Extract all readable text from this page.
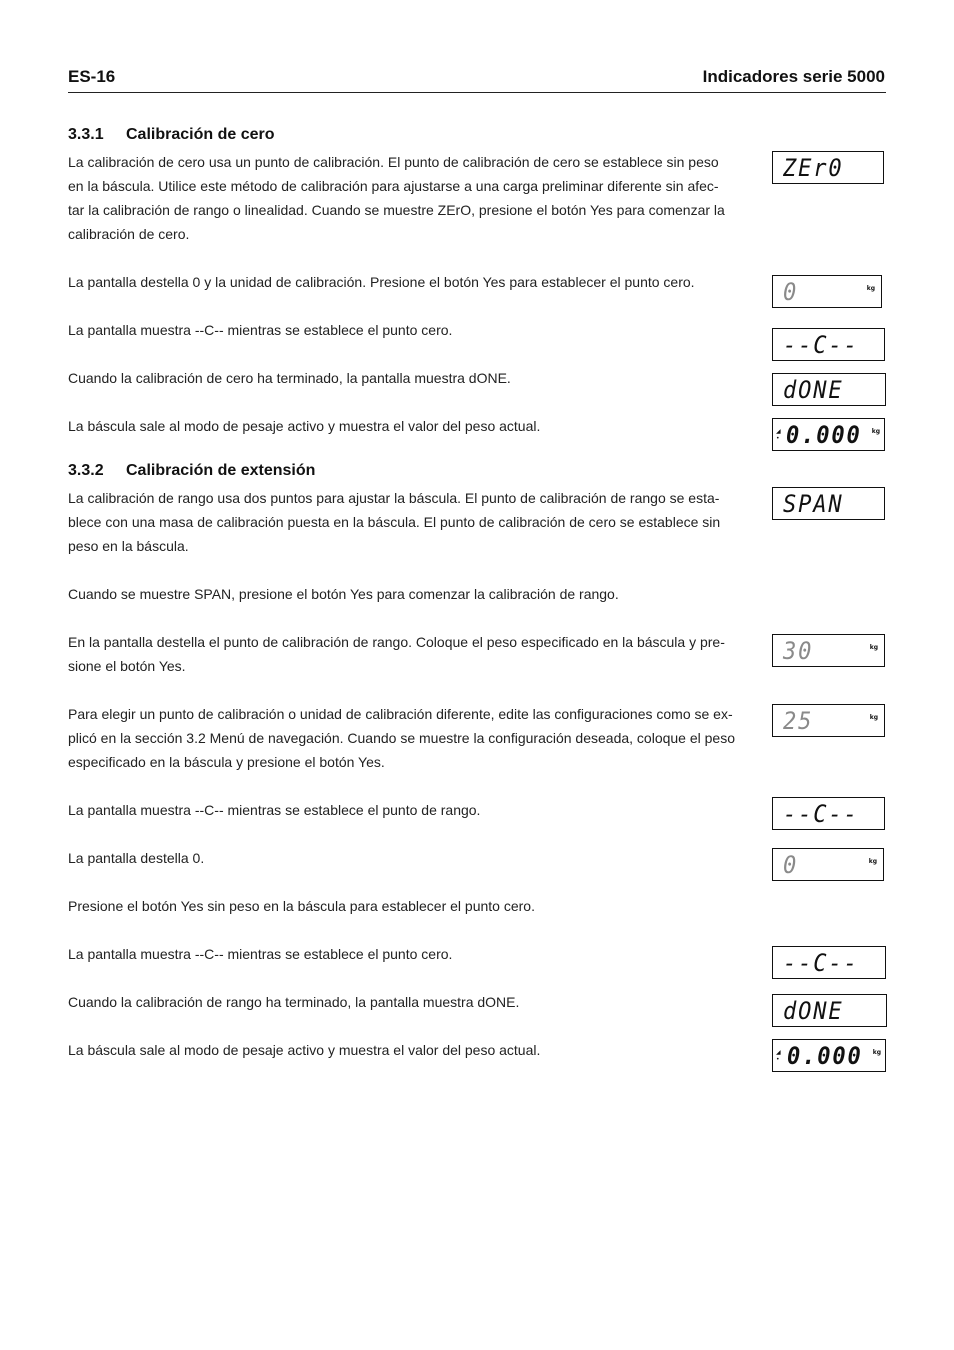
ES-16	Indicadores serie 5000
3.3.1 Calibración de cero
La calibración de cero usa un punto de calibración. El punto de calibración de cero se establece sin peso
en la báscula. Utilice este método de calibración para ajustarse a una carga preliminar diferente sin afec-
tar la calibración de rango o linealidad. Cuando se muestre ZErO, presione el botón Yes para comenzar la
calibración de cero.
La pantalla destella 0 y la unidad de calibración. Presione el botón Yes para establecer el punto cero.
La pantalla muestra --C-- mientras se establece el punto cero.
Cuando la calibración de cero ha terminado, la pantalla muestra dONE.
La báscula sale al modo de pesaje activo y muestra el valor del peso actual.
ZEr0
0	kg
--C--
dONE
◢
• 0.000 kg
3.3.2 Calibración de extensión
La calibración de rango usa dos puntos para ajustar la báscula. El punto de calibración de rango se esta-
blece con una masa de calibración puesta en la báscula. El punto de calibración de cero se establece sin
peso en la báscula.
Cuando se muestre SPAN, presione el botón Yes para comenzar la calibración de rango.
En la pantalla destella el punto de calibración de rango. Coloque el peso especificado en la báscula y pre-
sione el botón Yes.
Para elegir un punto de calibración o unidad de calibración diferente, edite las configuraciones como se ex-
plicó en la sección 3.2 Menú de navegación. Cuando se muestre la configuración deseada, coloque el peso
especificado en la báscula y presione el botón Yes.
La pantalla muestra --C-- mientras se establece el punto de rango.
La pantalla destella 0.
Presione el botón Yes sin peso en la báscula para establecer el punto cero.
La pantalla muestra --C-- mientras se establece el punto cero.
Cuando la calibración de rango ha terminado, la pantalla muestra dONE.
La báscula sale al modo de pesaje activo y muestra el valor del peso actual.
SPAN
30	kg
25	kg
--C--
0	kg
--C--
dONE
◢
• 0.000 kg
